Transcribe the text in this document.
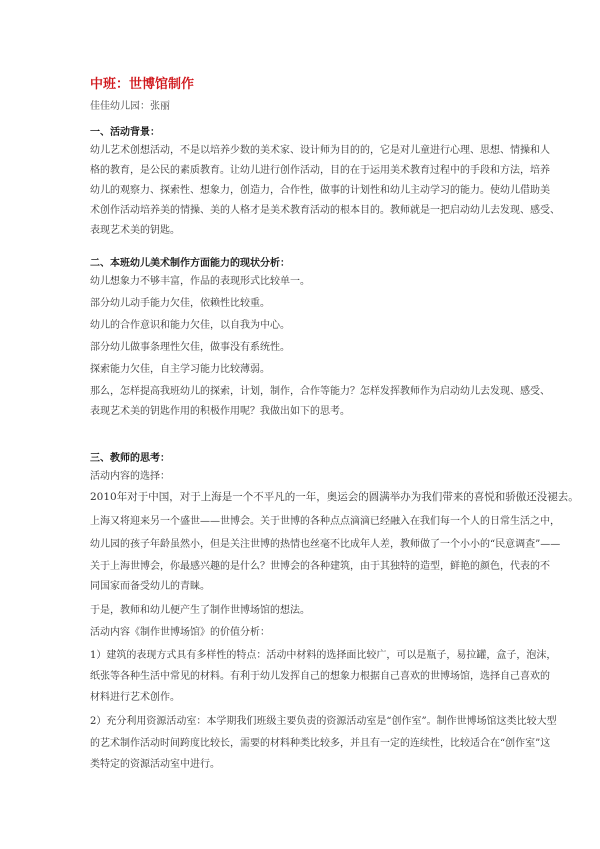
中班：世博馆制作
佳佳幼儿园：张丽
一、活动背景：
幼儿艺术创想活动，不是以培养少数的美术家、设计师为目的的，它是对儿童进行心理、思想、情操和人
格的教育，是公民的素质教育。让幼儿进行创作活动，目的在于运用美术教育过程中的手段和方法，培养
幼儿的观察力、探索性、想象力，创造力，合作性，做事的计划性和幼儿主动学习的能力。使幼儿借助美
术创作活动培养美的情操、美的人格才是美术教育活动的根本目的。教师就是一把启动幼儿去发现、感受、
表现艺术美的钥匙。
二、本班幼儿美术制作方面能力的现状分析：
幼儿想象力不够丰富，作品的表现形式比较单一。
部分幼儿动手能力欠佳，依赖性比较重。
幼儿的合作意识和能力欠佳，以自我为中心。
部分幼儿做事条理性欠佳，做事没有系统性。
探索能力欠佳，自主学习能力比较薄弱。
那么，怎样提高我班幼儿的探索，计划，制作，合作等能力？怎样发挥教师作为启动幼儿去发现、感受、
表现艺术美的钥匙作用的积极作用呢？我做出如下的思考。
三、教师的思考：
活动内容的选择：
2010年对于中国，对于上海是一个不平凡的一年，奥运会的圆满举办为我们带来的喜悦和骄傲还没褪去。
上海又将迎来另一个盛世——世博会。关于世博的各种点点滴滴已经融入在我们每一个人的日常生活之中，
幼儿园的孩子年龄虽然小，但是关注世博的热情也丝毫不比成年人差，教师做了一个小小的“民意调查”——
关于上海世博会，你最感兴趣的是什么？世博会的各种建筑，由于其独特的造型，鲜艳的颜色，代表的不
同国家而备受幼儿的青睐。
于是，教师和幼儿便产生了制作世博场馆的想法。
活动内容《制作世博场馆》的价值分析：
1）建筑的表现方式具有多样性的特点：活动中材料的选择面比较广，可以是瓶子，易拉罐，盒子，泡沫，
纸张等各种生活中常见的材料。有利于幼儿发挥自己的想象力根据自己喜欢的世博场馆，选择自己喜欢的
材料进行艺术创作。
2）充分利用资源活动室：本学期我们班级主要负责的资源活动室是“创作室”。制作世博场馆这类比较大型
的艺术制作活动时间跨度比较长，需要的材料种类比较多，并且有一定的连续性，比较适合在“创作室”这
类特定的资源活动室中进行。
